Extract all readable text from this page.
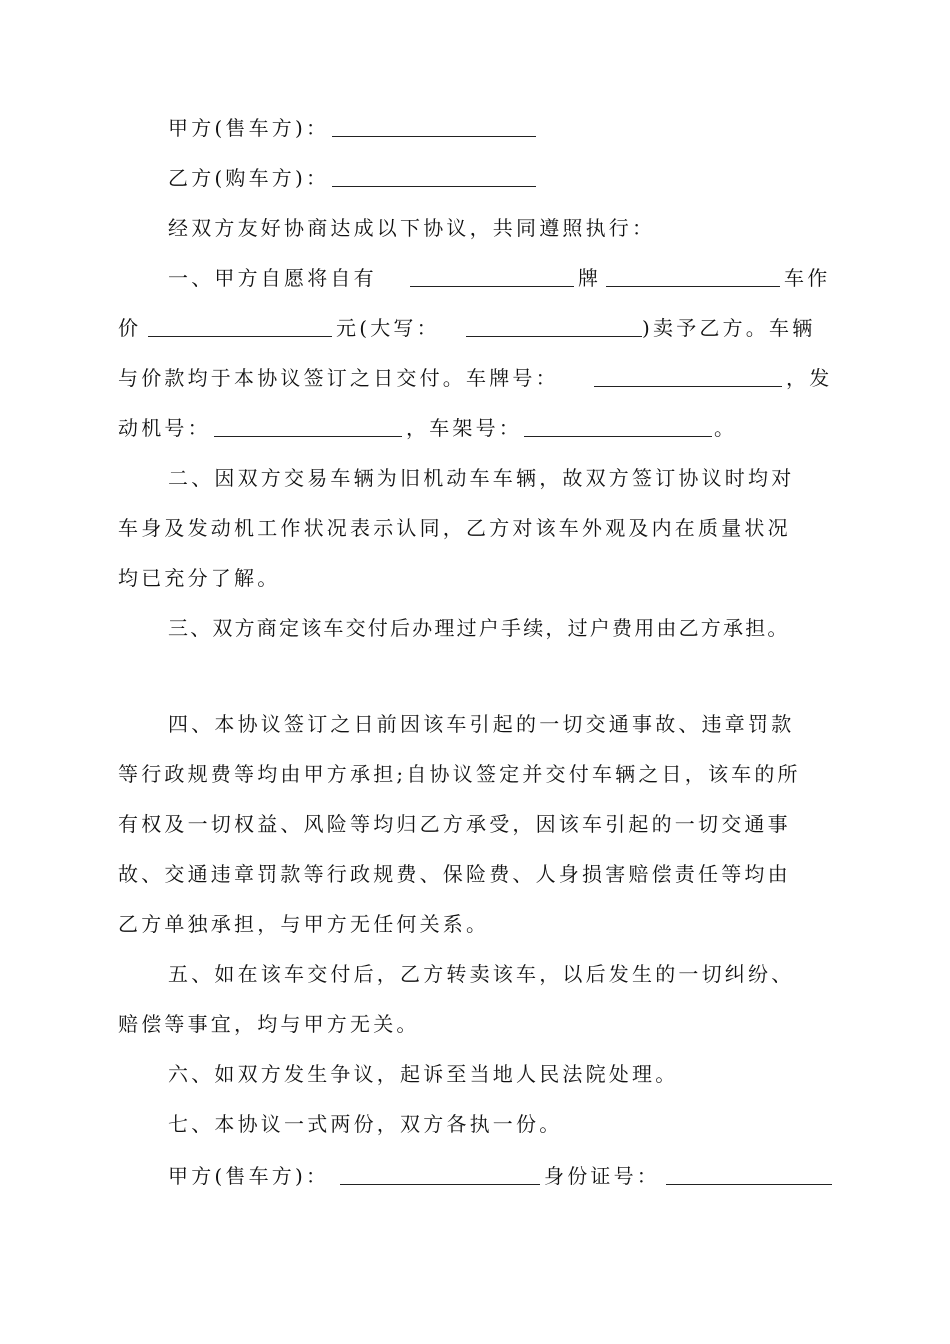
甲方(售车方)：
乙方(购车方)：
经双方友好协商达成以下协议，共同遵照执行：
一、甲方自愿将自有	牌	车作
价	元(大写：	)卖予乙方。车辆
与价款均于本协议签订之日交付。车牌号：	，发
动机号：	，车架号：	。
二、因双方交易车辆为旧机动车车辆，故双方签订协议时均对
车身及发动机工作状况表示认同，乙方对该车外观及内在质量状况
均已充分了解。
三、双方商定该车交付后办理过户手续，过户费用由乙方承担。
四、本协议签订之日前因该车引起的一切交通事故、违章罚款
等行政规费等均由甲方承担;自协议签定并交付车辆之日，该车的所
有权及一切权益、风险等均归乙方承受，因该车引起的一切交通事
故、交通违章罚款等行政规费、保险费、人身损害赔偿责任等均由
乙方单独承担，与甲方无任何关系。
五、如在该车交付后，乙方转卖该车，以后发生的一切纠纷、
赔偿等事宜，均与甲方无关。
六、如双方发生争议，起诉至当地人民法院处理。
七、本协议一式两份，双方各执一份。
甲方(售车方)：	身份证号：
